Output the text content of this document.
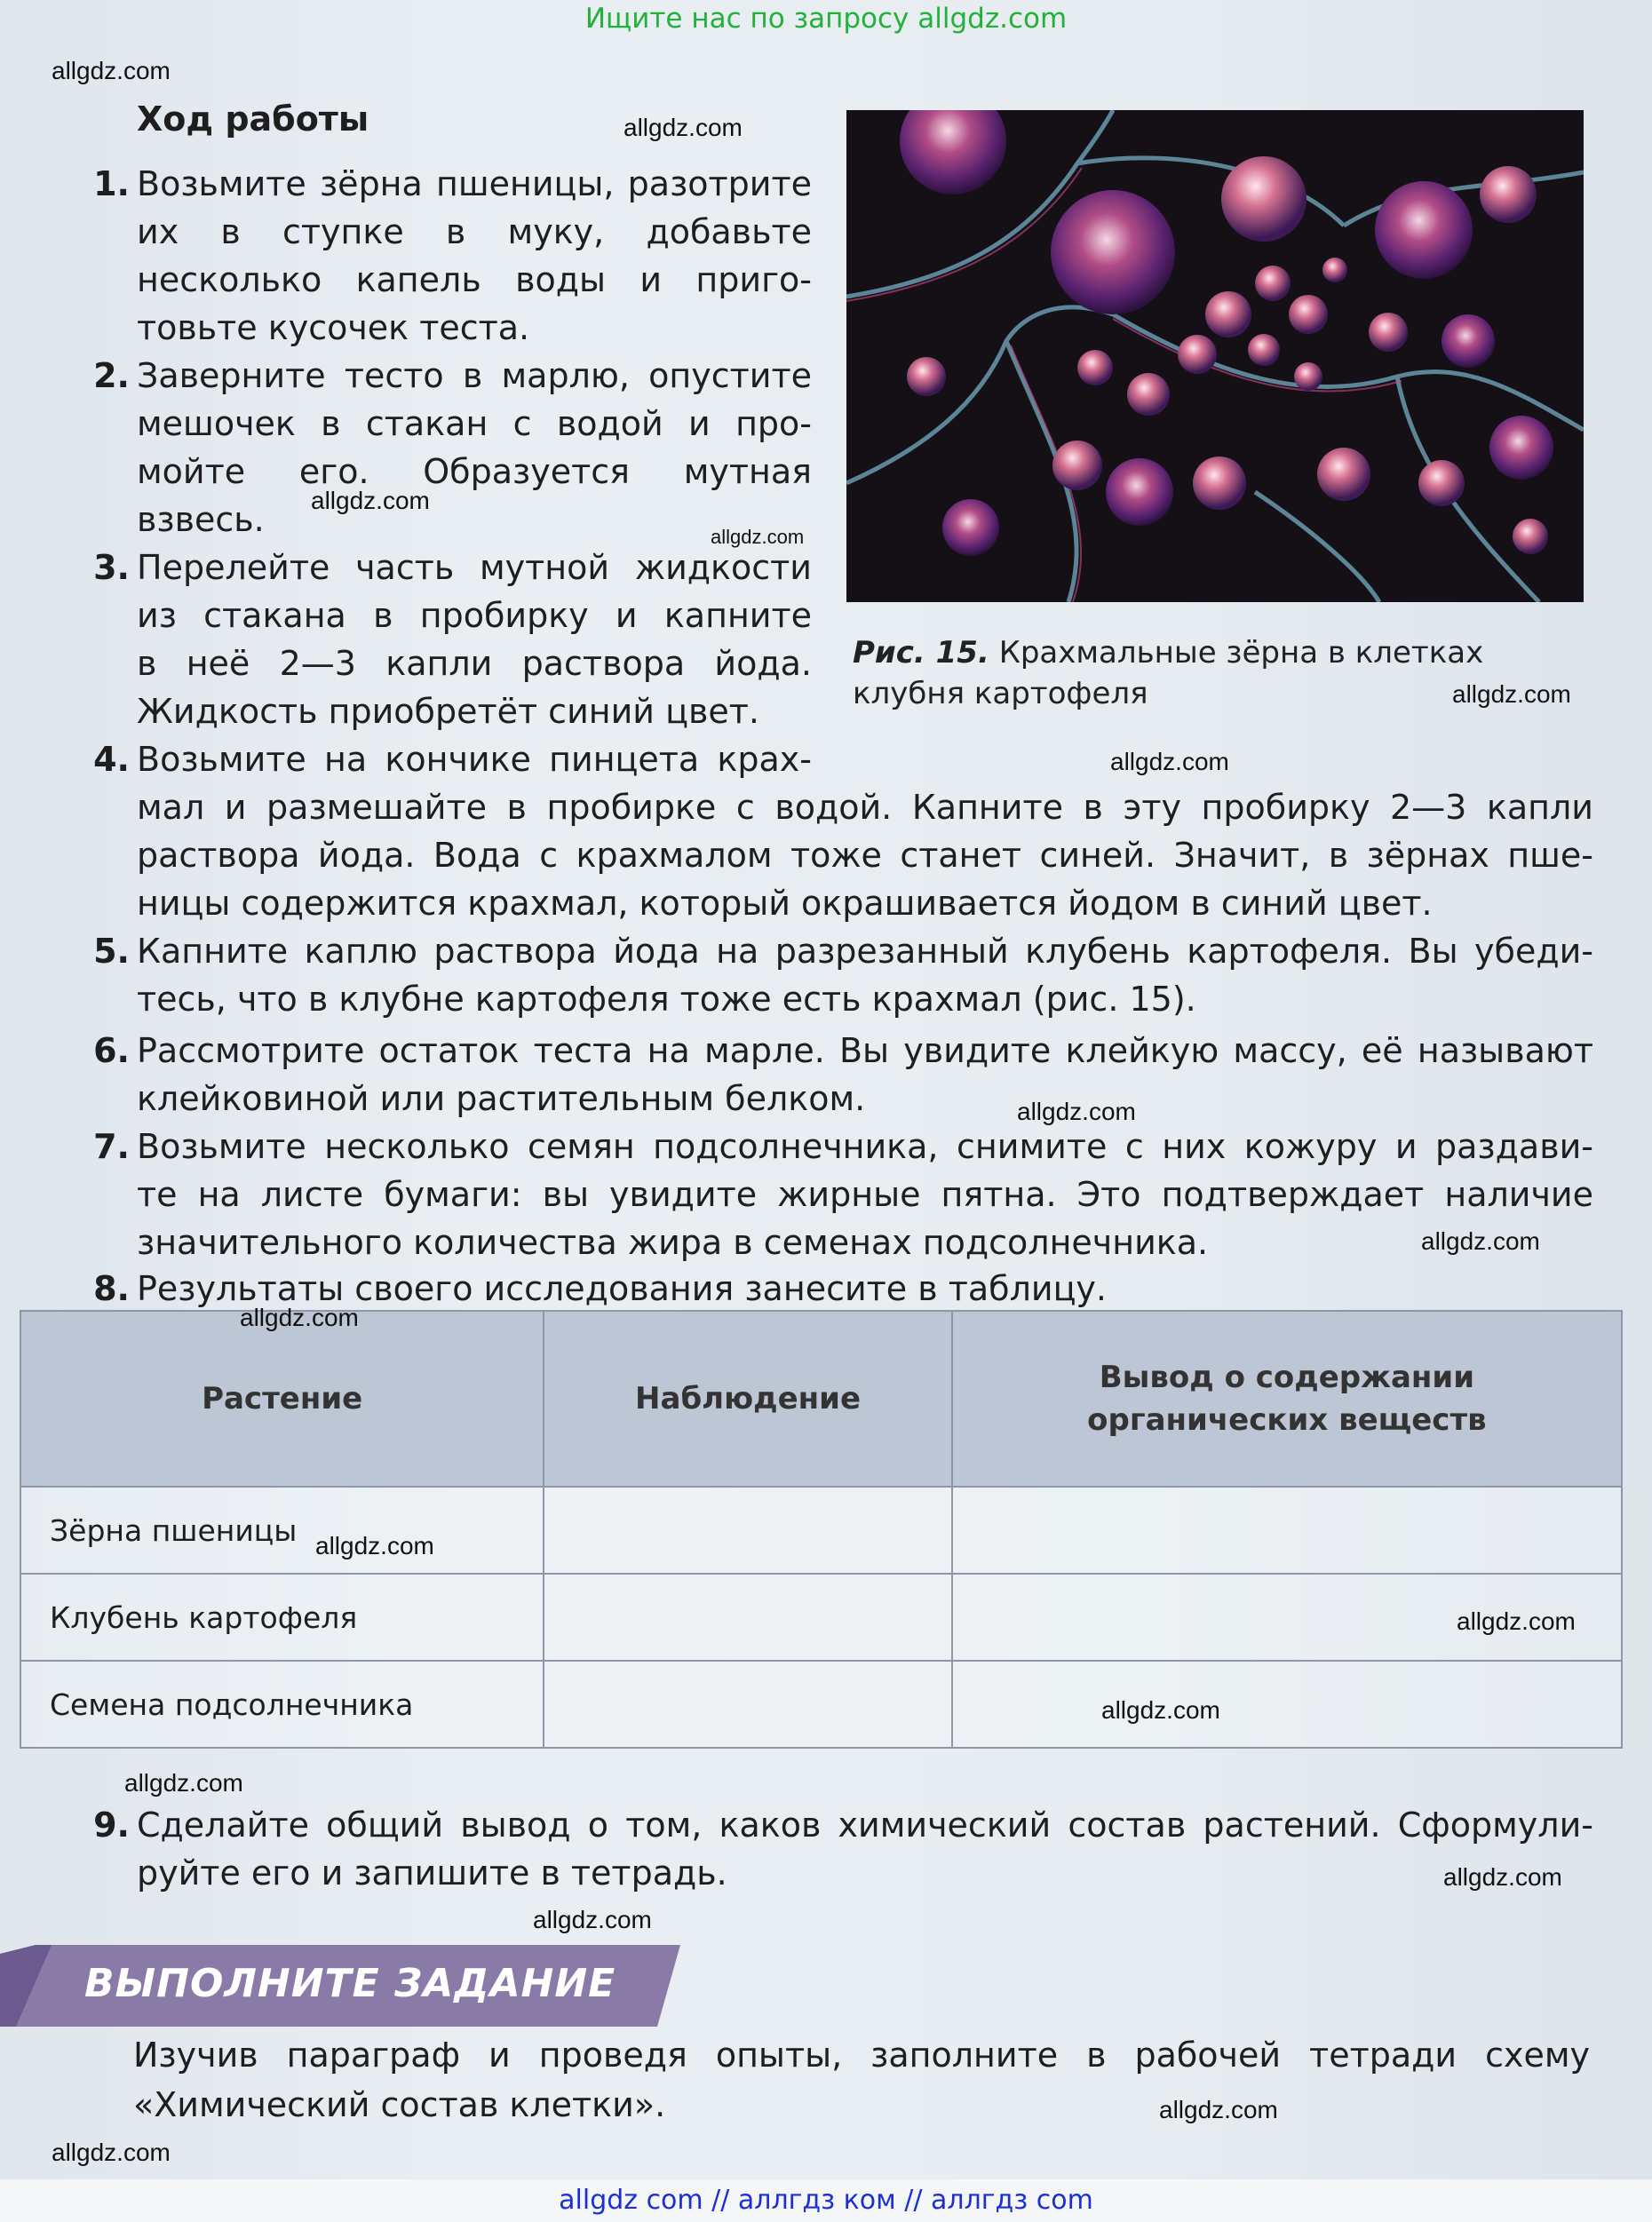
Ищите нас по запросу allgdz.com
Ход работы
1. Возьмите зёрна пшеницы, разотрите
их в ступке в муку, добавьте
несколько капель воды и приго-
товьте кусочек теста.
2. Заверните тесто в марлю, опустите
мешочек в стакан с водой и про-
мойте его. Образуется мутная
взвесь.
3. Перелейте часть мутной жидкости
из стакана в пробирку и капните
в неё 2—3 капли раствора йода.
Жидкость приобретёт синий цвет.
4. Возьмите на кончике пинцета крах-
мал и размешайте в пробирке с водой. Капните в эту пробирку 2—3 капли
раствора йода. Вода с крахмалом тоже станет синей. Значит, в зёрнах пше-
ницы содержится крахмал, который окрашивается йодом в синий цвет.
5. Капните каплю раствора йода на разрезанный клубень картофеля. Вы убеди-
тесь, что в клубне картофеля тоже есть крахмал (рис. 15).
6. Рассмотрите остаток теста на марле. Вы увидите клейкую массу, её называют
клейковиной или растительным белком.
7. Возьмите несколько семян подсолнечника, снимите с них кожуру и раздави-
те на листе бумаги: вы увидите жирные пятна. Это подтверждает наличие
значительного количества жира в семенах подсолнечника.
8. Результаты своего исследования занесите в таблицу.
Рис. 15. Крахмальные зёрна в клетках
клубня картофеля
Растение	Наблюдение	Вывод о содержании органических веществ
Зёрна пшеницы		
Клубень картофеля		
Семена подсолнечника		
9. Сделайте общий вывод о том, каков химический состав растений. Сформули-
руйте его и запишите в тетрадь.
ВЫПОЛНИТЕ ЗАДАНИЕ
Изучив параграф и проведя опыты, заполните в рабочей тетради схему
«Химический состав клетки».
allgdz.com
allgdz.com
allgdz.com
allgdz.com
allgdz.com
allgdz.com
allgdz.com
allgdz.com
allgdz.com
allgdz.com
allgdz.com
allgdz.com
allgdz.com
allgdz.com
allgdz.com
allgdz.com
allgdz.com
allgdz com // аллгдз ком // аллгдз com
